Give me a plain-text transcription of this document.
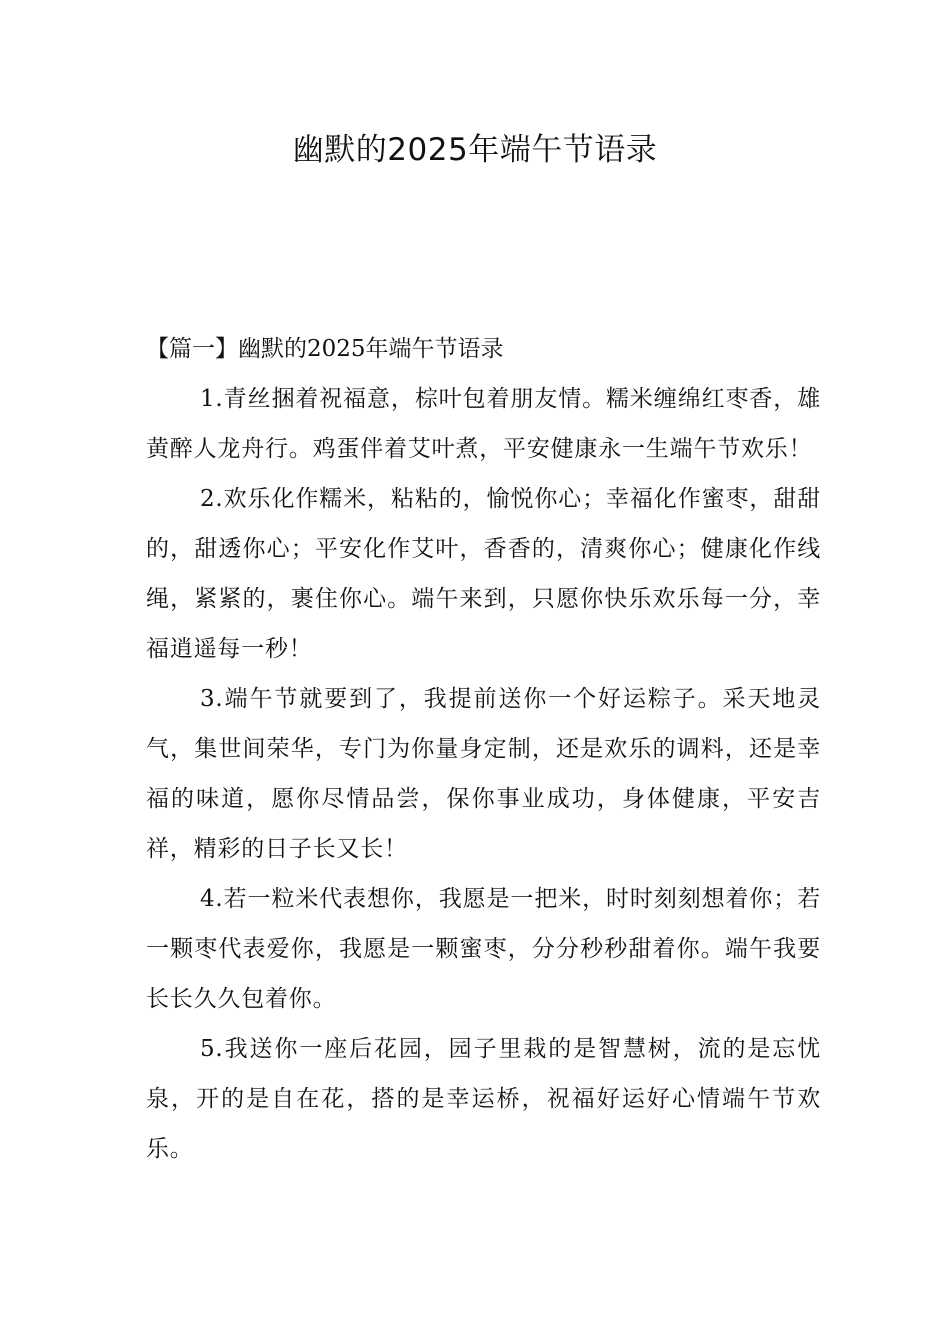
幽默的2025年端午节语录

【篇一】幽默的2025年端午节语录

1.青丝捆着祝福意，棕叶包着朋友情。糯米缠绵红枣香，雄黄醉人龙舟行。鸡蛋伴着艾叶煮，平安健康永一生端午节欢乐！

2.欢乐化作糯米，粘粘的，愉悦你心；幸福化作蜜枣，甜甜的，甜透你心；平安化作艾叶，香香的，清爽你心；健康化作线绳，紧紧的，裹住你心。端午来到，只愿你快乐欢乐每一分，幸福逍遥每一秒！

3.端午节就要到了，我提前送你一个好运粽子。采天地灵气，集世间荣华，专门为你量身定制，还是欢乐的调料，还是幸福的味道，愿你尽情品尝，保你事业成功，身体健康，平安吉祥，精彩的日子长又长！

4.若一粒米代表想你，我愿是一把米，时时刻刻想着你；若一颗枣代表爱你，我愿是一颗蜜枣，分分秒秒甜着你。端午我要长长久久包着你。

5.我送你一座后花园，园子里栽的是智慧树，流的是忘忧泉，开的是自在花，搭的是幸运桥，祝福好运好心情端午节欢乐。
